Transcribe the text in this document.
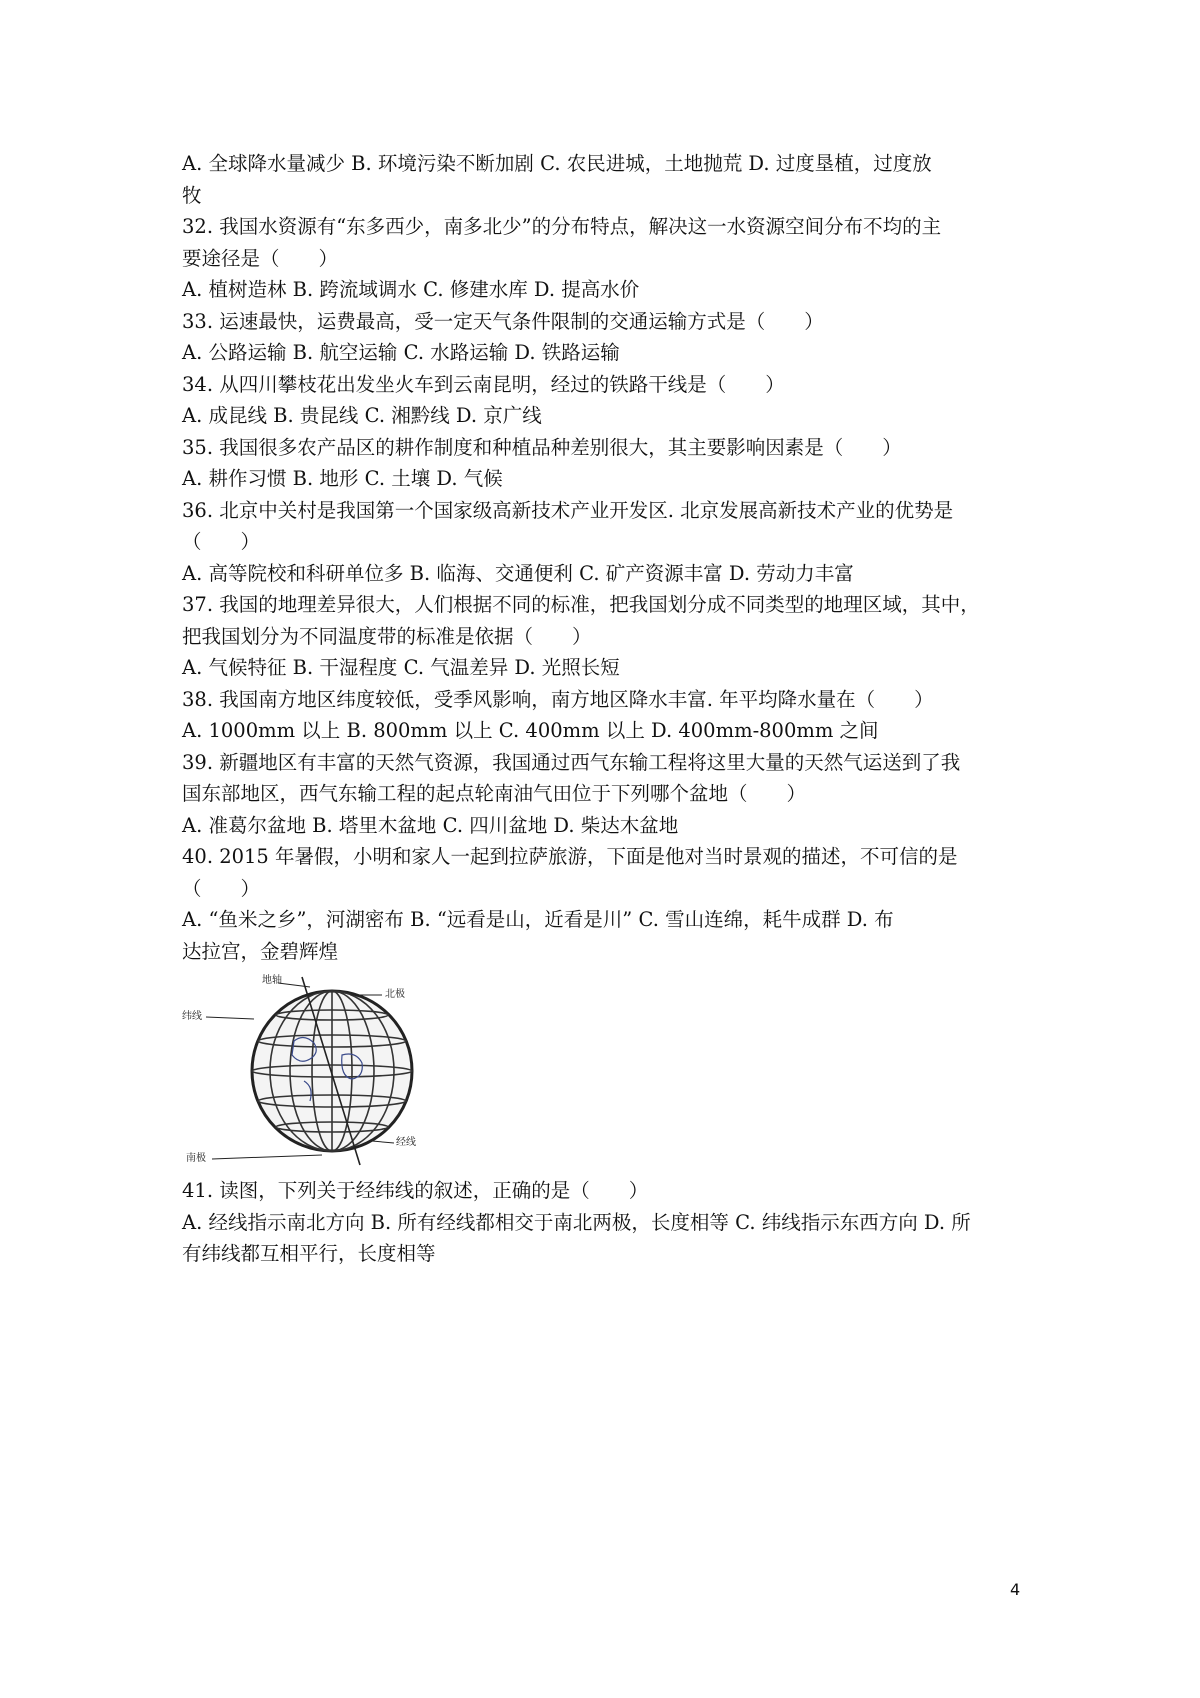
A. 全球降水量减少 B. 环境污染不断加剧 C. 农民进城，土地抛荒 D. 过度垦植，过度放
牧
32. 我国水资源有“东多西少，南多北少”的分布特点，解决这一水资源空间分布不均的主
要途径是（　　）
A. 植树造林 B. 跨流域调水 C. 修建水库 D. 提高水价
33. 运速最快，运费最高，受一定天气条件限制的交通运输方式是（　　）
A. 公路运输 B. 航空运输 C. 水路运输 D. 铁路运输
34. 从四川攀枝花出发坐火车到云南昆明，经过的铁路干线是（　　）
A. 成昆线 B. 贵昆线 C. 湘黔线 D. 京广线
35. 我国很多农产品区的耕作制度和种植品种差别很大，其主要影响因素是（　　）
A. 耕作习惯 B. 地形 C. 土壤 D. 气候
36. 北京中关村是我国第一个国家级高新技术产业开发区. 北京发展高新技术产业的优势是
（　　）
A. 高等院校和科研单位多 B. 临海、交通便利 C. 矿产资源丰富 D. 劳动力丰富
37. 我国的地理差异很大，人们根据不同的标准，把我国划分成不同类型的地理区域，其中，
把我国划分为不同温度带的标准是依据（　　）
A. 气候特征 B. 干湿程度 C. 气温差异 D. 光照长短
38. 我国南方地区纬度较低，受季风影响，南方地区降水丰富. 年平均降水量在（　　）
A. 1000mm 以上 B. 800mm 以上 C. 400mm 以上 D. 400mm-800mm 之间
39. 新疆地区有丰富的天然气资源，我国通过西气东输工程将这里大量的天然气运送到了我
国东部地区，西气东输工程的起点轮南油气田位于下列哪个盆地（　　）
A. 准葛尔盆地 B. 塔里木盆地 C. 四川盆地 D. 柴达木盆地
40. 2015 年暑假，小明和家人一起到拉萨旅游，下面是他对当时景观的描述，不可信的是
（　　）
A. “鱼米之乡”，河湖密布 B. “远看是山，近看是川” C. 雪山连绵，耗牛成群 D. 布
达拉宫，金碧辉煌
地轴
北极
纬线
经线
南极
41. 读图，下列关于经纬线的叙述，正确的是（　　）
A. 经线指示南北方向 B. 所有经线都相交于南北两极，长度相等 C. 纬线指示东西方向 D. 所
有纬线都互相平行，长度相等
4
